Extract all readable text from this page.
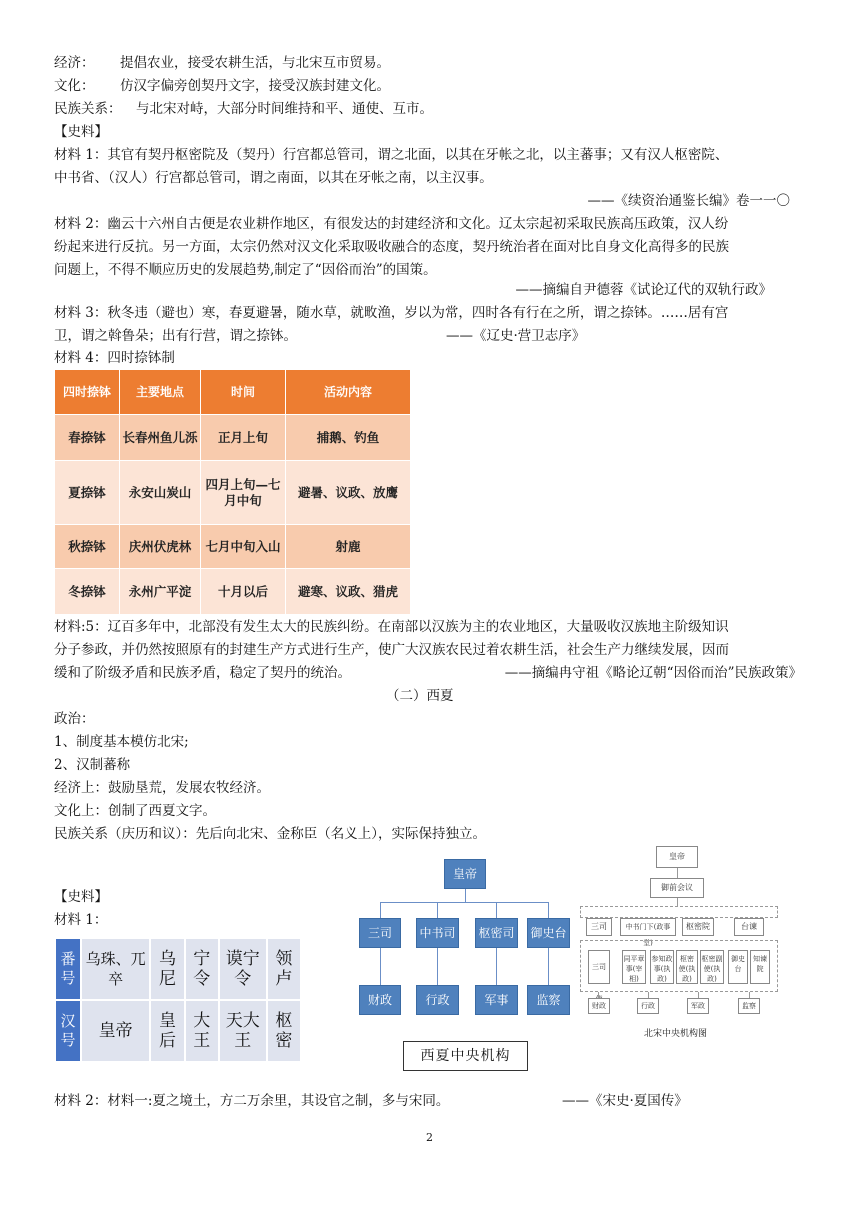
经济： 提倡农业，接受农耕生活，与北宋互市贸易。
文化： 仿汉字偏旁创契丹文字，接受汉族封建文化。
民族关系： 与北宋对峙，大部分时间维持和平、通使、互市。
【史料】
材料 1：其官有契丹枢密院及（契丹）行宫都总管司，谓之北面，以其在牙帐之北，以主蕃事；又有汉人枢密院、
中书省、（汉人）行宫都总管司，谓之南面，以其在牙帐之南，以主汉事。
——《续资治通鉴长编》卷一一〇
材料 2：幽云十六州自古便是农业耕作地区，有很发达的封建经济和文化。辽太宗起初采取民族高压政策，汉人纷
纷起来进行反抗。另一方面，太宗仍然对汉文化采取吸收融合的态度，契丹统治者在面对比自身文化高得多的民族
问题上，不得不顺应历史的发展趋势,制定了“因俗而治”的国策。
——摘编自尹德蓉《试论辽代的双轨行政》
材料 3：秋冬违（避也）寒，春夏避暑，随水草，就畋渔，岁以为常，四时各有行在之所，谓之捺钵。……居有宫
卫，谓之斡鲁朵；出有行营，谓之捺钵。	——《辽史·营卫志序》
材料 4：四时捺钵制
四时捺钵	主要地点	时间	活动内容
春捺钵	长春州鱼儿泺	正月上旬	捕鹅、钓鱼
夏捺钵	永安山炭山	四月上旬—七月中旬	避暑、议政、放鹰
秋捺钵	庆州伏虎林	七月中旬入山	射鹿
冬捺钵	永州广平淀	十月以后	避寒、议政、猎虎
材料:5：辽百多年中，北部没有发生太大的民族纠纷。在南部以汉族为主的农业地区，大量吸收汉族地主阶级知识
分子参政，并仍然按照原有的封建生产方式进行生产，使广大汉族农民过着农耕生活，社会生产力继续发展，因而
缓和了阶级矛盾和民族矛盾，稳定了契丹的统治。	——摘编冉守祖《略论辽朝“因俗而治”民族政策》
（二）西夏
政治：
1、制度基本模仿北宋;
2、汉制蕃称
经济上：鼓励垦荒，发展农牧经济。
文化上：创制了西夏文字。
民族关系（庆历和议）：先后向北宋、金称臣（名义上），实际保持独立。
【史料】
材料 1：
番号	乌珠、兀卒	乌尼	宁令	谟宁令	领卢
汉号	皇帝	皇后	大王	天大王	枢密
皇帝
三司	中书司 枢密司 御史台
财政	行政	军事	监察
西夏中央机构
皇帝
御前会议
三司	中书门下(政事堂)
枢密院	台谏
三司
同平章事(宰相)
参知政事(执政)
枢密使(执政)
枢密副使(执政)
御史台
知谏院
财政	行政	军政	监察
北宋中央机构图
材料 2：材料一:夏之境土，方二万余里，其设官之制，多与宋同。	——《宋史·夏国传》
2
